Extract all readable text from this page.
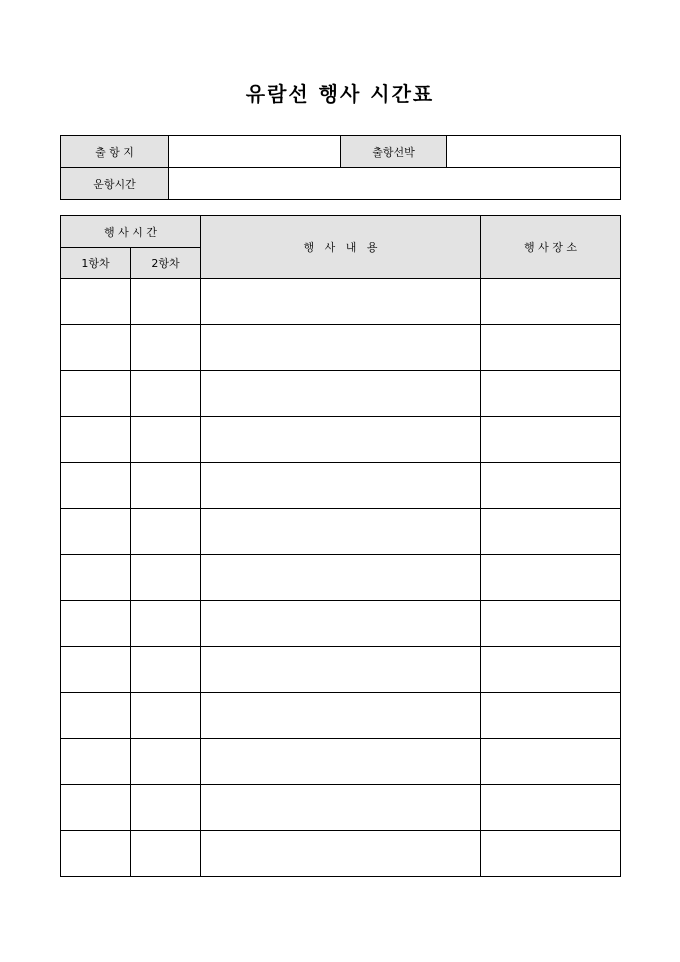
유람선 행사 시간표
출 항 지		출항선박	
운항시간			
행 사 시 간		행   사   내   용	행 사 장 소
1항차	2항차		
